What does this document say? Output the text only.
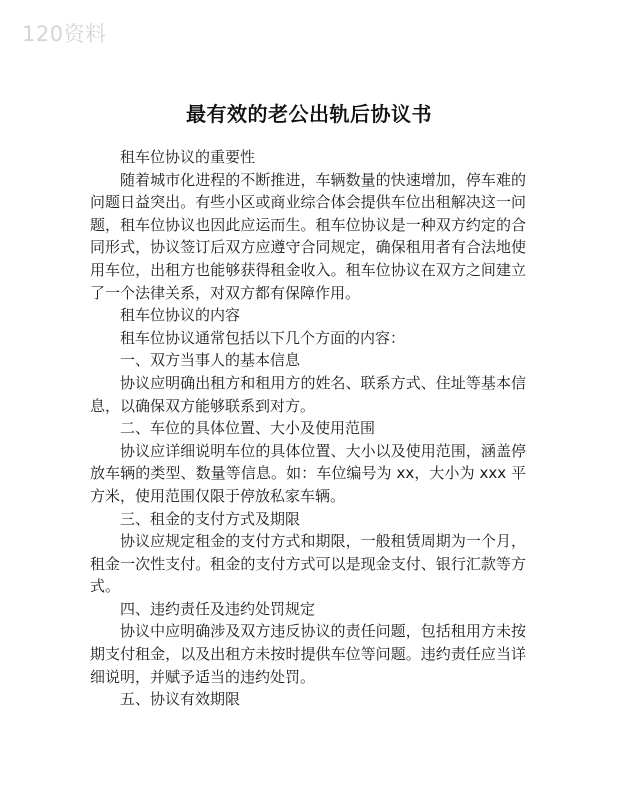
120资料
最有效的老公出轨后协议书

租车位协议的重要性

随着城市化进程的不断推进，车辆数量的快速增加，停车难的问题日益突出。有些小区或商业综合体会提供车位出租解决这一问题，租车位协议也因此应运而生。租车位协议是一种双方约定的合同形式，协议签订后双方应遵守合同规定，确保租用者有合法地使用车位，出租方也能够获得租金收入。租车位协议在双方之间建立了一个法律关系，对双方都有保障作用。

租车位协议的内容

租车位协议通常包括以下几个方面的内容：

一、双方当事人的基本信息

协议应明确出租方和租用方的姓名、联系方式、住址等基本信息，以确保双方能够联系到对方。

二、车位的具体位置、大小及使用范围

协议应详细说明车位的具体位置、大小以及使用范围，涵盖停放车辆的类型、数量等信息。如：车位编号为 xx，大小为 xxx 平方米，使用范围仅限于停放私家车辆。

三、租金的支付方式及期限

协议应规定租金的支付方式和期限，一般租赁周期为一个月，租金一次性支付。租金的支付方式可以是现金支付、银行汇款等方式。

四、违约责任及违约处罚规定

协议中应明确涉及双方违反协议的责任问题，包括租用方未按期支付租金，以及出租方未按时提供车位等问题。违约责任应当详细说明，并赋予适当的违约处罚。

五、协议有效期限
